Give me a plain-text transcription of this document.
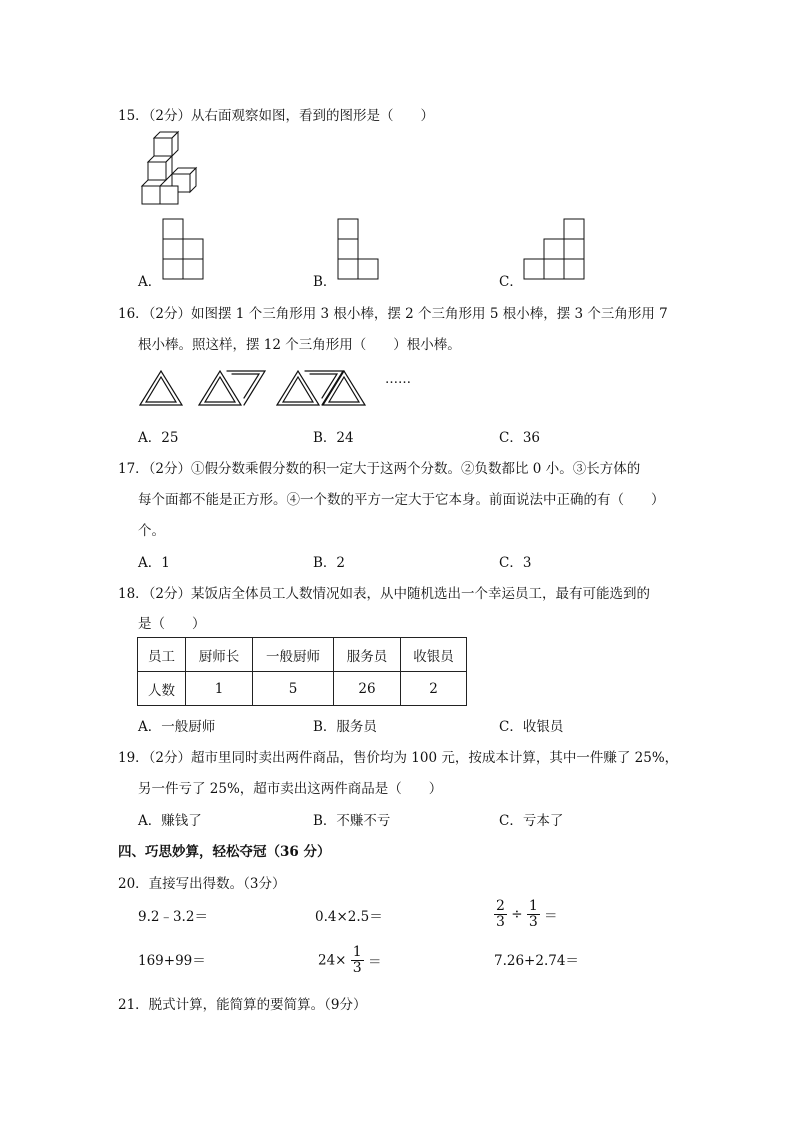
15．（2分）从右面观察如图，看到的图形是（　　）
A．	B．	C．
16．（2分）如图摆 1 个三角形用 3 根小棒，摆 2 个三角形用 5 根小棒，摆 3 个三角形用 7
根小棒。照这样，摆 12 个三角形用（　　）根小棒。
……
A．25	B．24	C．36
17．（2分）①假分数乘假分数的积一定大于这两个分数。②负数都比 0 小。③长方体的
每个面都不能是正方形。④一个数的平方一定大于它本身。前面说法中正确的有（　　）
个。
A．1	B．2	C．3
18．（2分）某饭店全体员工人数情况如表，从中随机选出一个幸运员工，最有可能选到的
是（　　）
员工	厨师长	一般厨师	服务员	收银员
人数	1	5	26	2
A．一般厨师	B．服务员	C．收银员
19．（2分）超市里同时卖出两件商品，售价均为 100 元，按成本计算，其中一件赚了 25%，
另一件亏了 25%，超市卖出这两件商品是（　　）
A．赚钱了	B．不赚不亏	C．亏本了
四、巧思妙算，轻松夺冠（36 分）
20．直接写出得数。（3分）
9.2﹣3.2＝	0.4×2.5＝	$\frac{2}{3} \div \frac{1}{3}$ ＝
169+99＝	$24\times \frac{1}{3}$ ＝	7.26+2.74＝
21．脱式计算，能简算的要简算。（9分）
